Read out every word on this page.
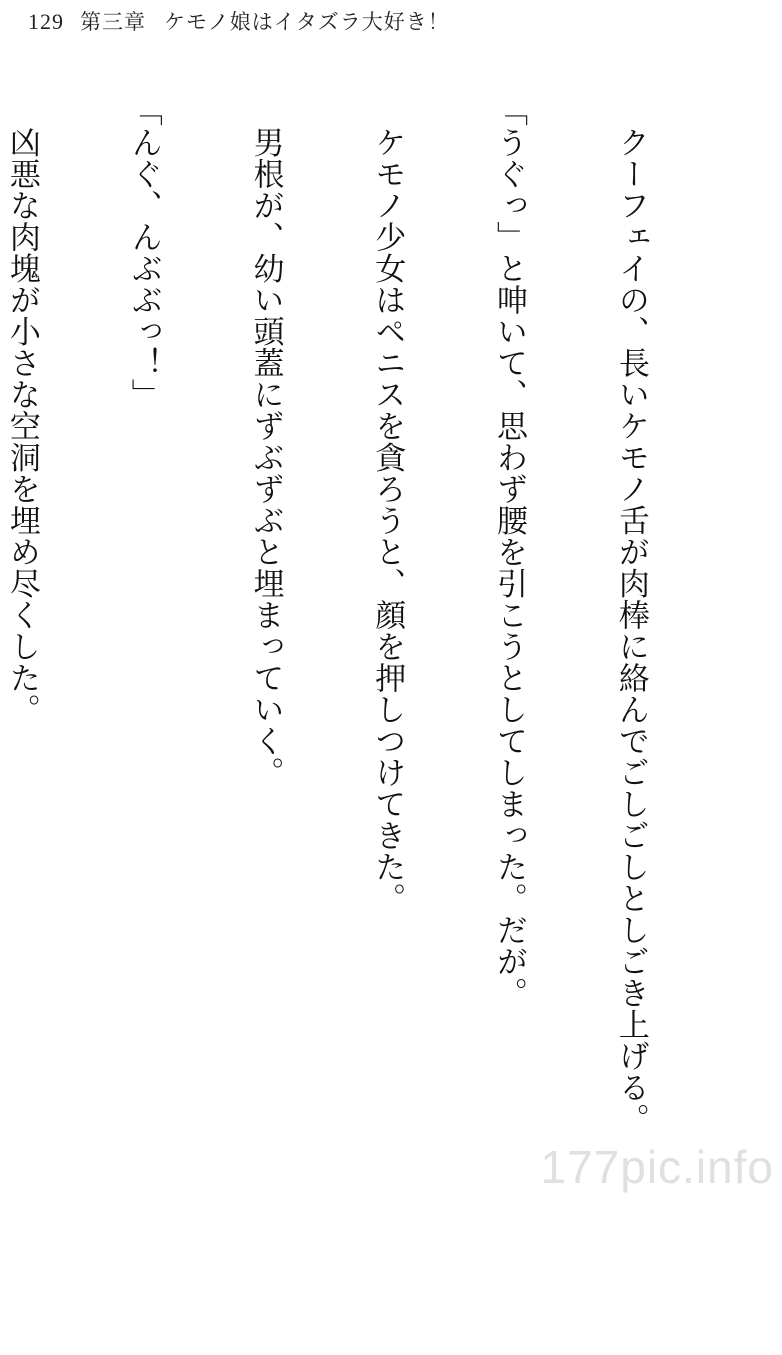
129 第三章 ケモノ娘はイタズラ大好き！

　クーフェイの、長いケモノ舌が肉棒に絡んでごしごしとしごき上げる。

「うぐっ」と呻いて、思わず腰を引こうとしてしまった。だが。

　ケモノ少女はペニスを貪ろうと、顔を押しつけてきた。

　男根が、幼い頭蓋にずぶずぶと埋まっていく。

「んぐ、んぶぶっ！」

　凶悪な肉塊が小さな空洞を埋め尽くした。

177pic.info
